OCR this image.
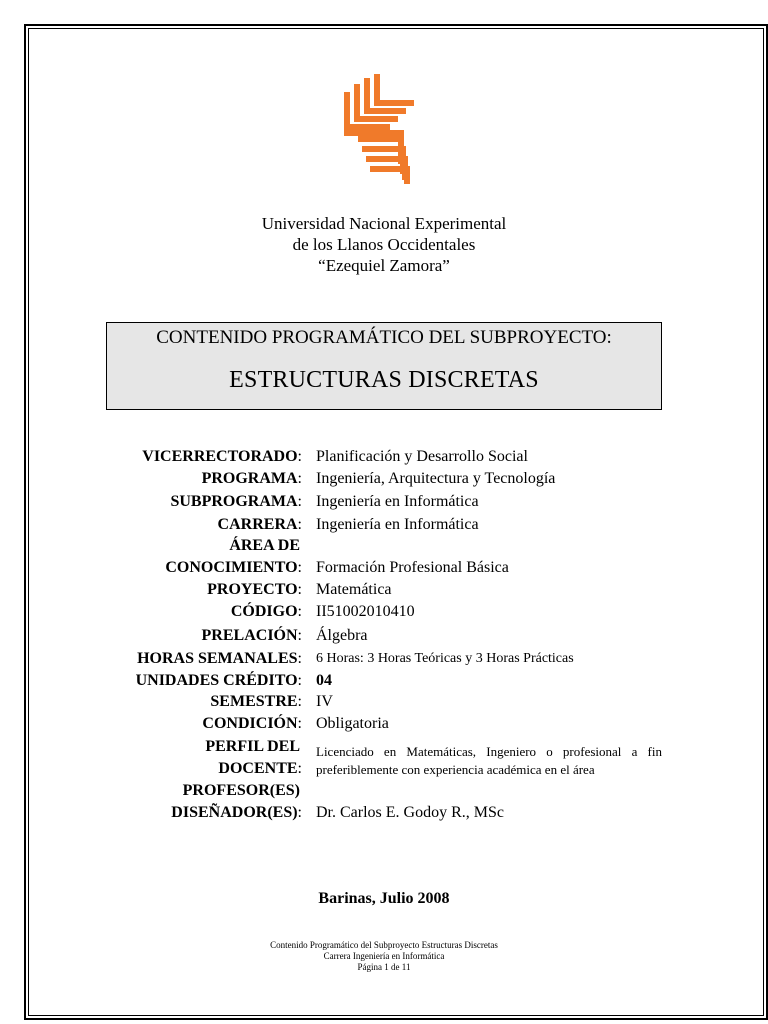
Universidad Nacional Experimental
de los Llanos Occidentales
“Ezequiel Zamora”
CONTENIDO PROGRAMÁTICO DEL SUBPROYECTO:
ESTRUCTURAS DISCRETAS
VICERRECTORADO: Planificación y Desarrollo Social
PROGRAMA: Ingeniería, Arquitectura y Tecnología
SUBPROGRAMA: Ingeniería en Informática
CARRERA: Ingeniería en Informática
ÁREA DE
CONOCIMIENTO: Formación Profesional Básica
PROYECTO: Matemática
CÓDIGO: II51002010410
PRELACIÓN: Álgebra
HORAS SEMANALES: 6 Horas: 3 Horas Teóricas y 3 Horas Prácticas
UNIDADES CRÉDITO: 04
SEMESTRE: IV
CONDICIÓN: Obligatoria
PERFIL DEL
DOCENTE:
Licenciado en Matemáticas, Ingeniero o profesional a fin preferiblemente con experiencia académica en el área
PROFESOR(ES)
DISEÑADOR(ES): Dr. Carlos E. Godoy R., MSc
Barinas, Julio 2008
Contenido Programático del Subproyecto Estructuras Discretas
Carrera Ingeniería en Informática
Página 1 de 11
